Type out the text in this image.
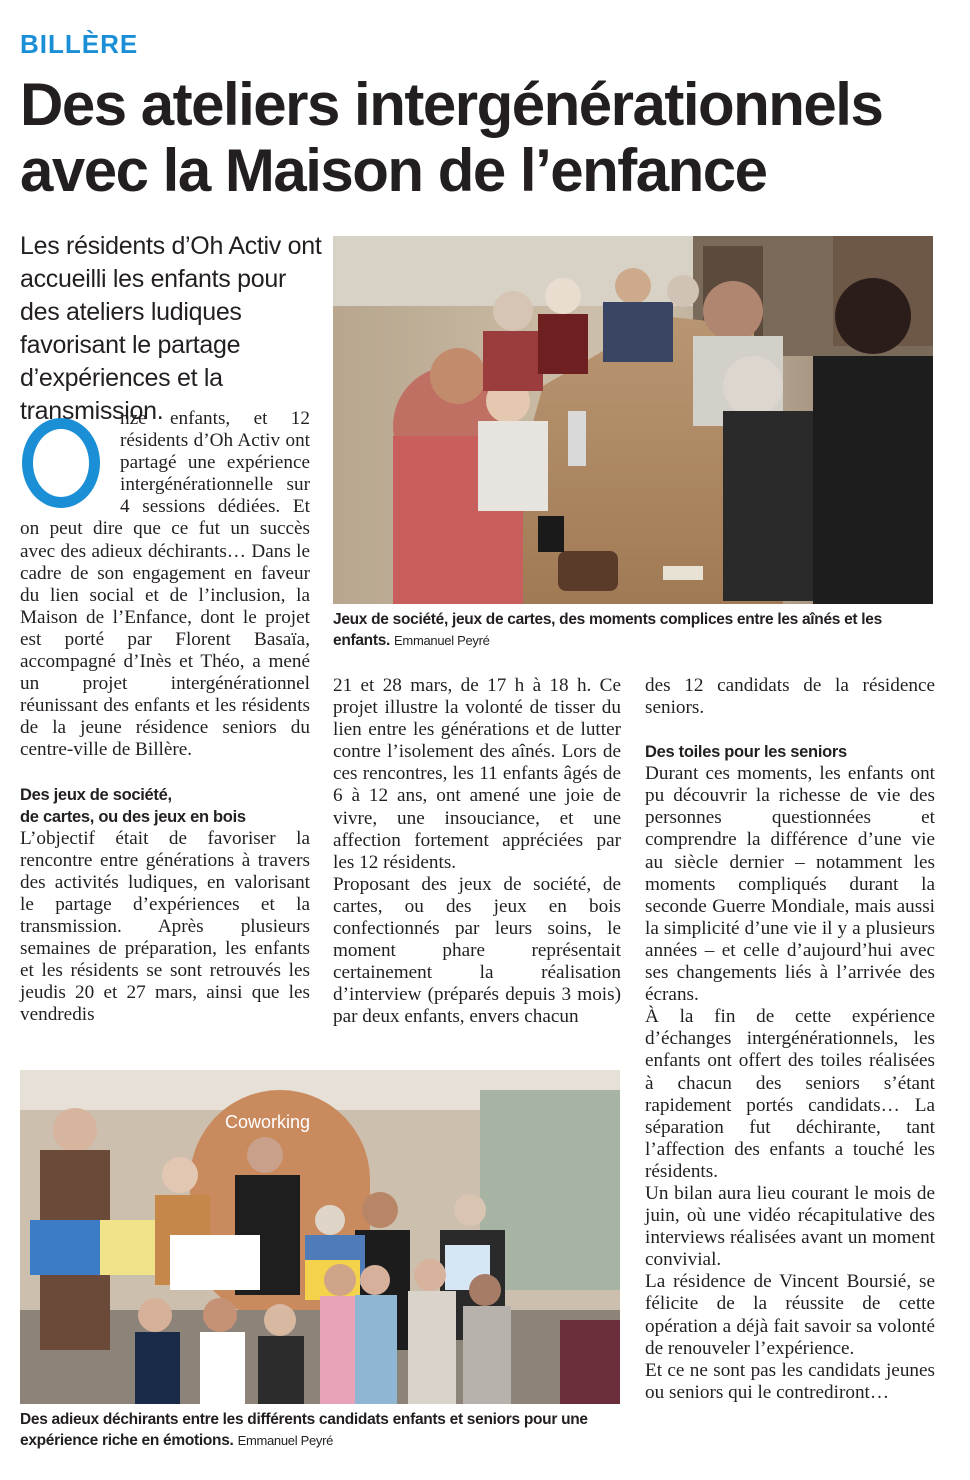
BILLÈRE
Des ateliers intergénérationnels avec la Maison de l’enfance
Les résidents d’Oh Activ ont accueilli les enfants pour des ateliers ludiques favorisant le partage d’expériences et la transmission.
Jeux de société, jeux de cartes, des moments complices entre les aînés et les enfants. Emmanuel Peyré

nze enfants, et 12 résidents d’Oh Activ ont partagé une expérience intergénérationnelle sur 4 sessions dédiées. Et on peut dire que ce fut un succès avec des adieux déchirants… Dans le cadre de son engagement en faveur du lien social et de l’inclusion, la Maison de l’Enfance, dont le projet est porté par Florent Basaïa, accompagné d’Inès et Théo, a mené un projet intergénérationnel réunissant des enfants et les résidents de la jeune résidence seniors du centre-ville de Billère.

Des jeux de société,
de cartes, ou des jeux en bois

L’objectif était de favoriser la rencontre entre générations à travers des activités ludiques, en valorisant le partage d’expériences et la transmission. Après plusieurs semaines de préparation, les enfants et les résidents se sont retrouvés les jeudis 20 et 27 mars, ainsi que les vendredis

21 et 28 mars, de 17 h à 18 h. Ce projet illustre la volonté de tisser du lien entre les générations et de lutter contre l’isolement des aînés. Lors de ces rencontres, les 11 enfants âgés de 6 à 12 ans, ont amené une joie de vivre, une insouciance, et une affection fortement appréciées par les 12 résidents.

Proposant des jeux de société, de cartes, ou des jeux en bois confectionnés par leurs soins, le moment phare représentait certainement la réalisation d’interview (préparés depuis 3 mois) par deux enfants, envers chacun

des 12 candidats de la résidence seniors.

Des toiles pour les seniors

Durant ces moments, les enfants ont pu découvrir la richesse de vie des personnes questionnées et comprendre la différence d’une vie au siècle dernier – notamment les moments compliqués durant la seconde Guerre Mondiale, mais aussi la simplicité d’une vie il y a plusieurs années – et celle d’aujourd’hui avec ses changements liés à l’arrivée des écrans.

À la fin de cette expérience d’échanges intergénérationnels, les enfants ont offert des toiles réalisées à chacun des seniors s’étant rapidement portés candidats… La séparation fut déchirante, tant l’affection des enfants a touché les résidents.

Un bilan aura lieu courant le mois de juin, où une vidéo récapitulative des interviews réalisées avant un moment convivial.

La résidence de Vincent Boursié, se félicite de la réussite de cette opération a déjà fait savoir sa volonté de renouveler l’expérience.

Et ce ne sont pas les candidats jeunes ou seniors qui le contrediront…

Coworking
Des adieux déchirants entre les différents candidats enfants et seniors pour une expérience riche en émotions. Emmanuel Peyré
